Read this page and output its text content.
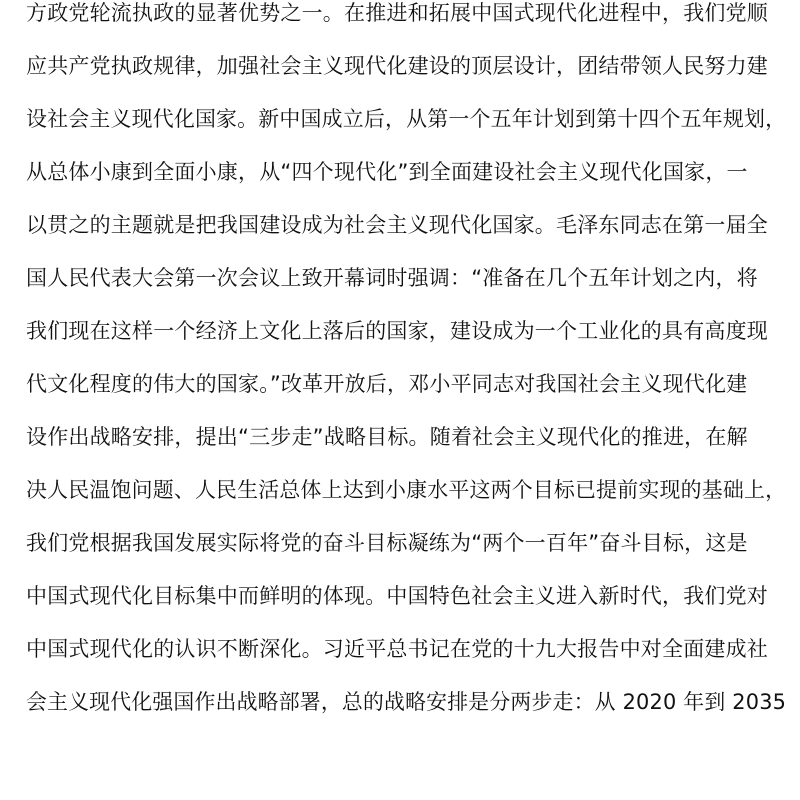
方政党轮流执政的显著优势之一。在推进和拓展中国式现代化进程中，我们党顺
应共产党执政规律，加强社会主义现代化建设的顶层设计，团结带领人民努力建
设社会主义现代化国家。新中国成立后，从第一个五年计划到第十四个五年规划，
从总体小康到全面小康，从“四个现代化”到全面建设社会主义现代化国家，一
以贯之的主题就是把我国建设成为社会主义现代化国家。毛泽东同志在第一届全
国人民代表大会第一次会议上致开幕词时强调：“准备在几个五年计划之内，将
我们现在这样一个经济上文化上落后的国家，建设成为一个工业化的具有高度现
代文化程度的伟大的国家。”改革开放后，邓小平同志对我国社会主义现代化建
设作出战略安排，提出“三步走”战略目标。随着社会主义现代化的推进，在解
决人民温饱问题、人民生活总体上达到小康水平这两个目标已提前实现的基础上，
我们党根据我国发展实际将党的奋斗目标凝练为“两个一百年”奋斗目标，这是
中国式现代化目标集中而鲜明的体现。中国特色社会主义进入新时代，我们党对
中国式现代化的认识不断深化。习近平总书记在党的十九大报告中对全面建成社
会主义现代化强国作出战略部署，总的战略安排是分两步走：从 2020 年到 2035
